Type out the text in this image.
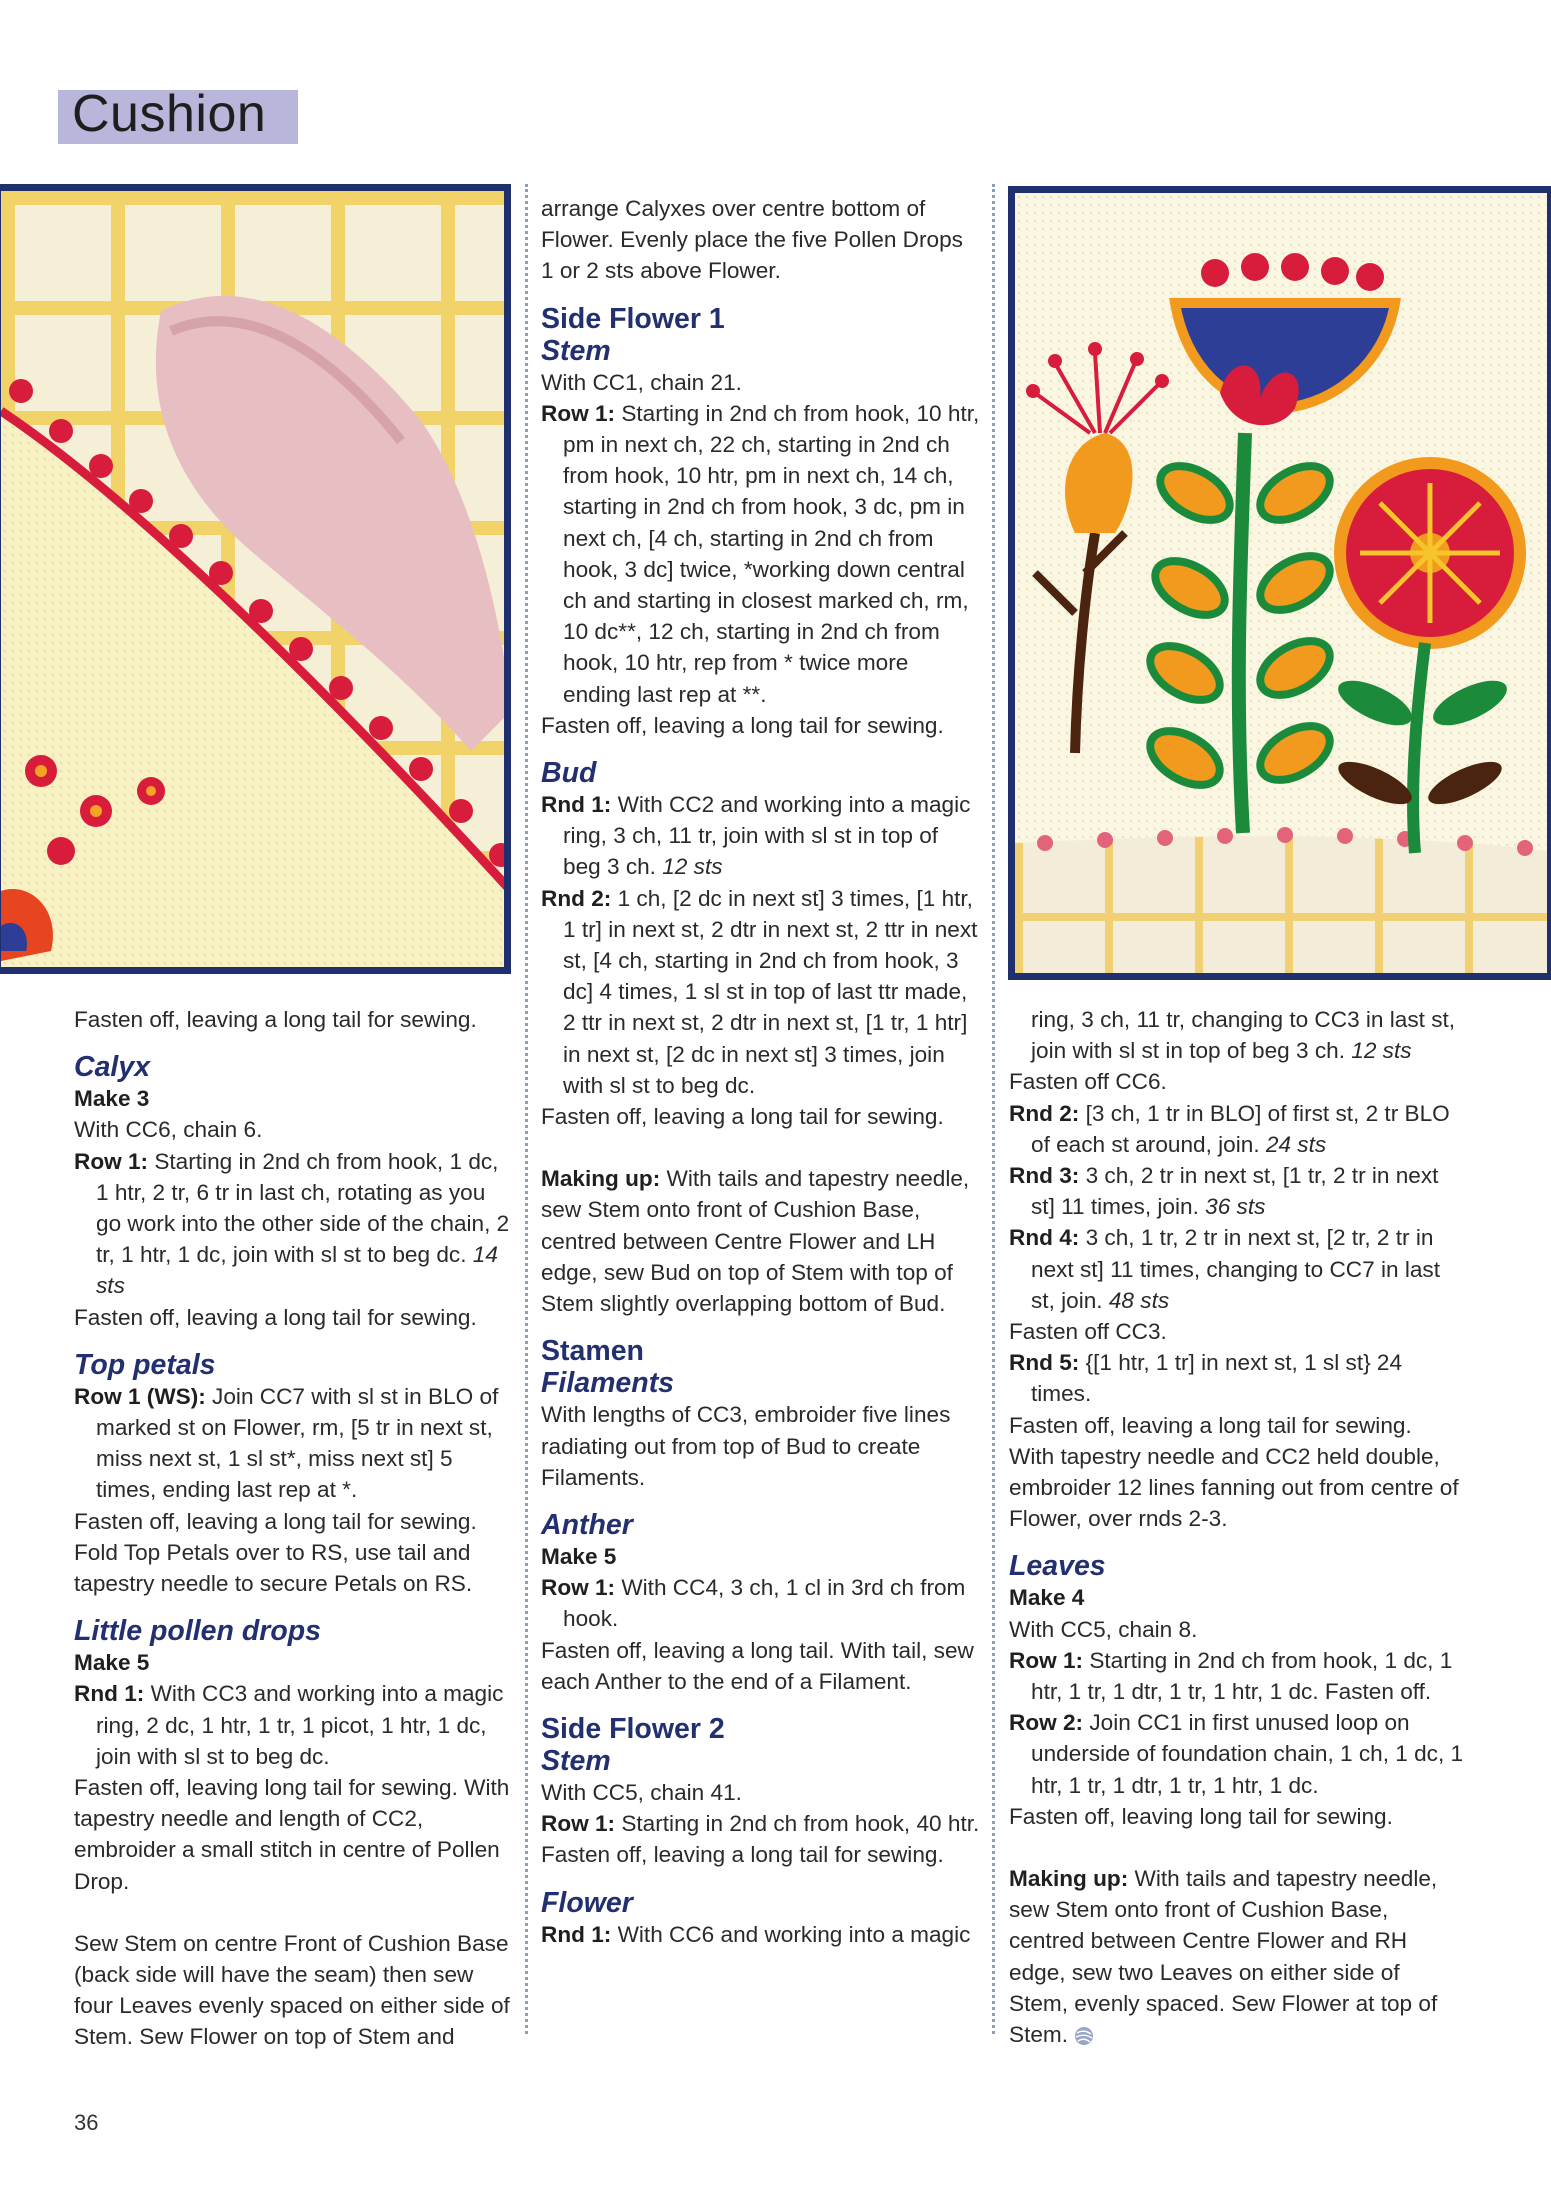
Cushion

Fasten off, leaving a long tail for sewing.

Calyx

Make 3

With CC6, chain 6.

Row 1: Starting in 2nd ch from hook, 1 dc, 1 htr, 2 tr, 6 tr in last ch, rotating as you go work into the other side of the chain, 2 tr, 1 htr, 1 dc, join with sl st to beg dc. 14 sts

Fasten off, leaving a long tail for sewing.

Top petals

Row 1 (WS): Join CC7 with sl st in BLO of marked st on Flower, rm, [5 tr in next st, miss next st, 1 sl st*, miss next st] 5 times, ending last rep at *.

Fasten off, leaving a long tail for sewing.

Fold Top Petals over to RS, use tail and tapestry needle to secure Petals on RS.

Little pollen drops

Make 5

Rnd 1: With CC3 and working into a magic ring, 2 dc, 1 htr, 1 tr, 1 picot, 1 htr, 1 dc, join with sl st to beg dc.

Fasten off, leaving long tail for sewing. With tapestry needle and length of CC2, embroider a small stitch in centre of Pollen Drop.

Sew Stem on centre Front of Cushion Base (back side will have the seam) then sew four Leaves evenly spaced on either side of Stem. Sew Flower on top of Stem and

arrange Calyxes over centre bottom of Flower. Evenly place the five Pollen Drops 1 or 2 sts above Flower.

Side Flower 1

Stem

With CC1, chain 21.

Row 1: Starting in 2nd ch from hook, 10 htr, pm in next ch, 22 ch, starting in 2nd ch from hook, 10 htr, pm in next ch, 14 ch, starting in 2nd ch from hook, 3 dc, pm in next ch, [4 ch, starting in 2nd ch from hook, 3 dc] twice, *working down central ch and starting in closest marked ch, rm, 10 dc**, 12 ch, starting in 2nd ch from hook, 10 htr, rep from * twice more ending last rep at **.

Fasten off, leaving a long tail for sewing.

Bud

Rnd 1: With CC2 and working into a magic ring, 3 ch, 11 tr, join with sl st in top of beg 3 ch. 12 sts

Rnd 2: 1 ch, [2 dc in next st] 3 times, [1 htr, 1 tr] in next st, 2 dtr in next st, 2 ttr in next st, [4 ch, starting in 2nd ch from hook, 3 dc] 4 times, 1 sl st in top of last ttr made, 2 ttr in next st, 2 dtr in next st, [1 tr, 1 htr] in next st, [2 dc in next st] 3 times, join with sl st to beg dc.

Fasten off, leaving a long tail for sewing.

Making up: With tails and tapestry needle, sew Stem onto front of Cushion Base, centred between Centre Flower and LH edge, sew Bud on top of Stem with top of Stem slightly overlapping bottom of Bud.

Stamen

Filaments

With lengths of CC3, embroider five lines radiating out from top of Bud to create Filaments.

Anther

Make 5

Row 1: With CC4, 3 ch, 1 cl in 3rd ch from hook.

Fasten off, leaving a long tail. With tail, sew each Anther to the end of a Filament.

Side Flower 2

Stem

With CC5, chain 41.

Row 1: Starting in 2nd ch from hook, 40 htr.

Fasten off, leaving a long tail for sewing.

Flower

Rnd 1: With CC6 and working into a magic

ring, 3 ch, 11 tr, changing to CC3 in last st, join with sl st in top of beg 3 ch. 12 sts

Fasten off CC6.

Rnd 2: [3 ch, 1 tr in BLO] of first st, 2 tr BLO of each st around, join. 24 sts

Rnd 3: 3 ch, 2 tr in next st, [1 tr, 2 tr in next st] 11 times, join. 36 sts

Rnd 4: 3 ch, 1 tr, 2 tr in next st, [2 tr, 2 tr in next st] 11 times, changing to CC7 in last st, join. 48 sts

Fasten off CC3.

Rnd 5: {[1 htr, 1 tr] in next st, 1 sl st} 24 times.

Fasten off, leaving a long tail for sewing.

With tapestry needle and CC2 held double, embroider 12 lines fanning out from centre of Flower, over rnds 2-3.

Leaves

Make 4

With CC5, chain 8.

Row 1: Starting in 2nd ch from hook, 1 dc, 1 htr, 1 tr, 1 dtr, 1 tr, 1 htr, 1 dc. Fasten off.

Row 2: Join CC1 in first unused loop on underside of foundation chain, 1 ch, 1 dc, 1 htr, 1 tr, 1 dtr, 1 tr, 1 htr, 1 dc.

Fasten off, leaving long tail for sewing.

Making up: With tails and tapestry needle, sew Stem onto front of Cushion Base, centred between Centre Flower and RH edge, sew two Leaves on either side of Stem, evenly spaced. Sew Flower at top of Stem.

36
